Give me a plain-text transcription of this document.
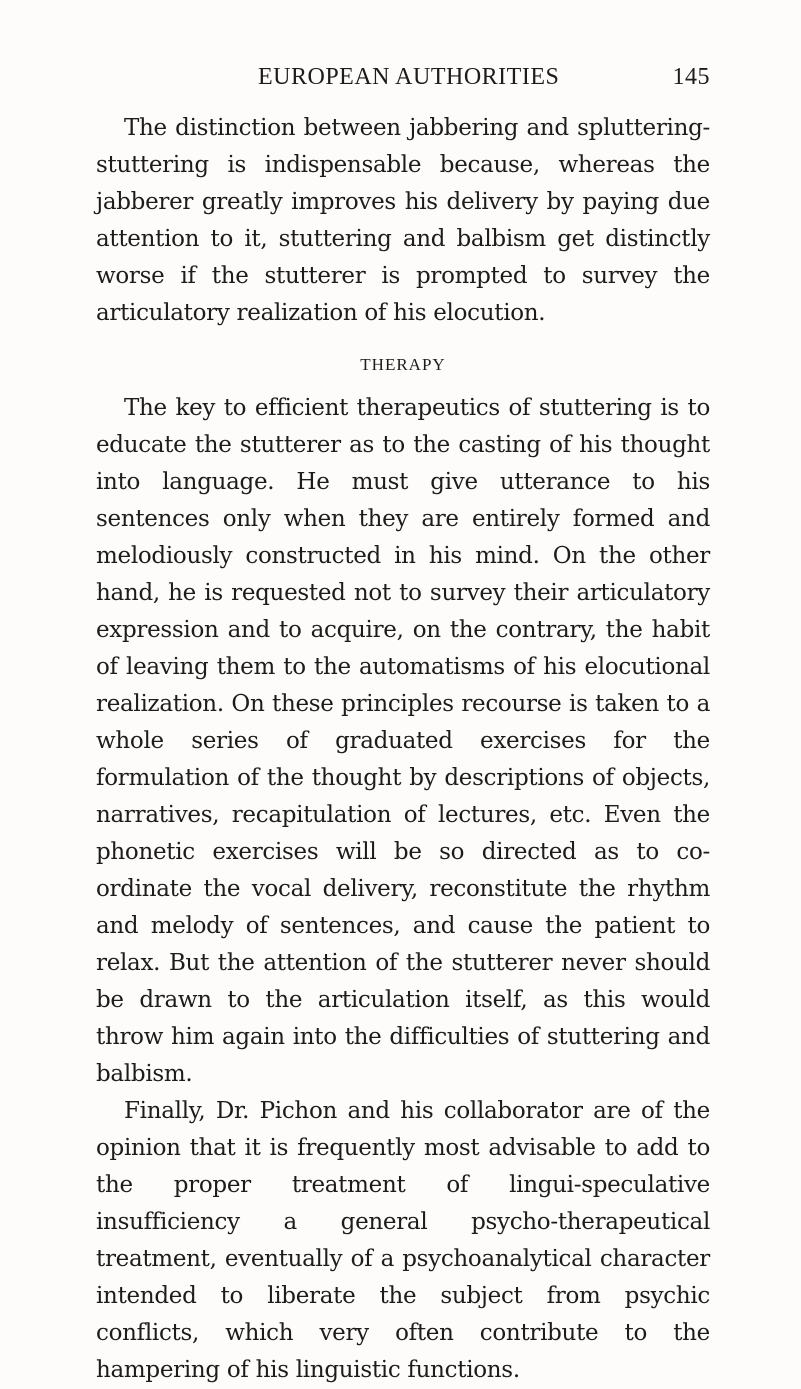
EUROPEAN AUTHORITIES	145

The distinction between jabbering and spluttering-stuttering is indispensable because, whereas the jabberer greatly improves his delivery by paying due attention to it, stuttering and balbism get distinctly worse if the stutterer is prompted to survey the articulatory realization of his elocution.

THERAPY

The key to efficient therapeutics of stuttering is to educate the stutterer as to the casting of his thought into language. He must give utterance to his sentences only when they are entirely formed and melodiously constructed in his mind. On the other hand, he is requested not to survey their articulatory expression and to acquire, on the contrary, the habit of leaving them to the automatisms of his elocutional realization. On these principles recourse is taken to a whole series of graduated exercises for the formulation of the thought by descriptions of objects, narratives, recapitulation of lectures, etc. Even the phonetic exercises will be so directed as to co-ordinate the vocal delivery, reconstitute the rhythm and melody of sentences, and cause the patient to relax. But the attention of the stutterer never should be drawn to the articulation itself, as this would throw him again into the difficulties of stuttering and balbism.

Finally, Dr. Pichon and his collaborator are of the opinion that it is frequently most advisable to add to the proper treatment of lingui-speculative insufficiency a general psycho-therapeutical treatment, eventually of a psychoanalytical character intended to liberate the subject from psychic conflicts, which very often contribute to the hampering of his linguistic functions.
